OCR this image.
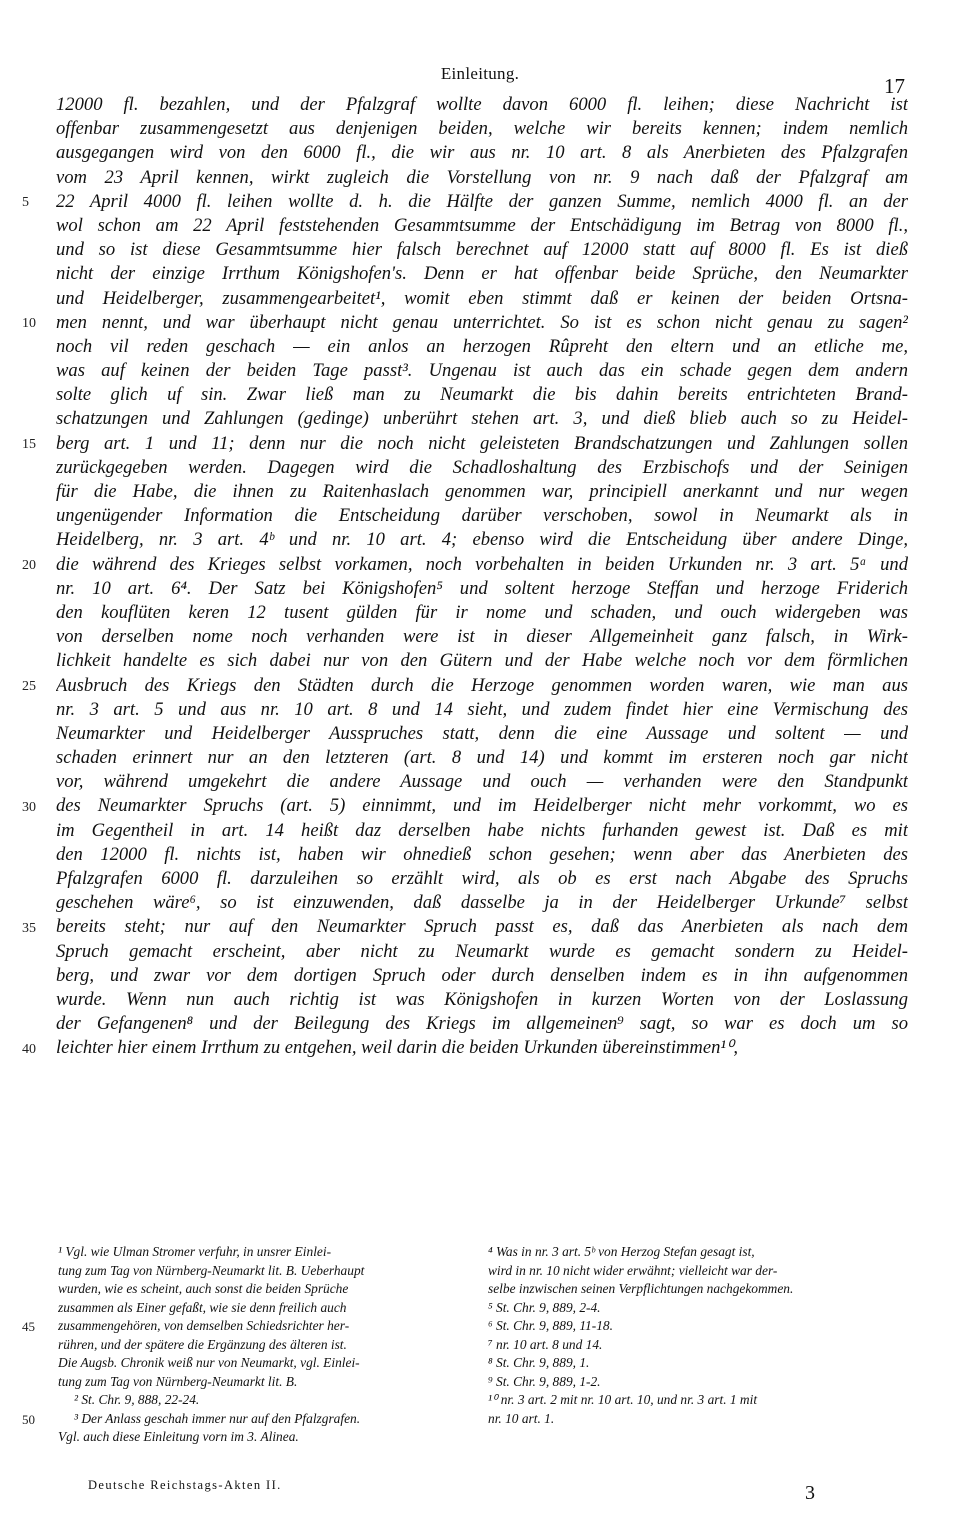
Einleitung.
17
12000 fl. bezahlen, und der Pfalzgraf wollte davon 6000 fl. leihen; diese Nachricht ist
offenbar zusammengesetzt aus denjenigen beiden, welche wir bereits kennen; indem nemlich
ausgegangen wird von den 6000 fl., die wir aus nr. 10 art. 8 als Anerbieten des Pfalzgrafen
vom 23 April kennen, wirkt zugleich die Vorstellung von nr. 9 nach daß der Pfalzgraf am
22 April 4000 fl. leihen wollte d. h. die Hälfte der ganzen Summe, nemlich 4000 fl. an der
wol schon am 22 April feststehenden Gesammtsumme der Entschädigung im Betrag von 8000 fl.,
und so ist diese Gesammtsumme hier falsch berechnet auf 12000 statt auf 8000 fl. Es ist dieß
nicht der einzige Irrthum Königshofen's. Denn er hat offenbar beide Sprüche, den Neumarkter
und Heidelberger, zusammengearbeitet¹, womit eben stimmt daß er keinen der beiden Ortsna-
men nennt, und war überhaupt nicht genau unterrichtet. So ist es schon nicht genau zu sagen²
noch vil reden geschach — ein anlos an herzogen Rûpreht den eltern und an etliche me,
was auf keinen der beiden Tage passt³. Ungenau ist auch das ein schade gegen dem andern
solte glich uf sin. Zwar ließ man zu Neumarkt die bis dahin bereits entrichteten Brand-
schatzungen und Zahlungen (gedinge) unberührt stehen art. 3, und dieß blieb auch so zu Heidel-
berg art. 1 und 11; denn nur die noch nicht geleisteten Brandschatzungen und Zahlungen sollen
zurückgegeben werden. Dagegen wird die Schadloshaltung des Erzbischofs und der Seinigen
für die Habe, die ihnen zu Raitenhaslach genommen war, principiell anerkannt und nur wegen
ungenügender Information die Entscheidung darüber verschoben, sowol in Neumarkt als in
Heidelberg, nr. 3 art. 4ᵇ und nr. 10 art. 4; ebenso wird die Entscheidung über andere Dinge,
die während des Krieges selbst vorkamen, noch vorbehalten in beiden Urkunden nr. 3 art. 5ᵃ und
nr. 10 art. 6⁴. Der Satz bei Königshofen⁵ und soltent herzoge Steffan und herzoge Friderich
den kouflüten keren 12 tusent gülden für ir nome und schaden, und ouch widergeben was
von derselben nome noch verhanden were ist in dieser Allgemeinheit ganz falsch, in Wirk-
lichkeit handelte es sich dabei nur von den Gütern und der Habe welche noch vor dem förmlichen
Ausbruch des Kriegs den Städten durch die Herzoge genommen worden waren, wie man aus
nr. 3 art. 5 und aus nr. 10 art. 8 und 14 sieht, und zudem findet hier eine Vermischung des
Neumarkter und Heidelberger Ausspruches statt, denn die eine Aussage und soltent — und
schaden erinnert nur an den letzteren (art. 8 und 14) und kommt im ersteren noch gar nicht
vor, während umgekehrt die andere Aussage und ouch — verhanden were den Standpunkt
des Neumarkter Spruchs (art. 5) einnimmt, und im Heidelberger nicht mehr vorkommt, wo es
im Gegentheil in art. 14 heißt daz derselben habe nichts furhanden gewest ist. Daß es mit
den 12000 fl. nichts ist, haben wir ohnedieß schon gesehen; wenn aber das Anerbieten des
Pfalzgrafen 6000 fl. darzuleihen so erzählt wird, als ob es erst nach Abgabe des Spruchs
geschehen wäre⁶, so ist einzuwenden, daß dasselbe ja in der Heidelberger Urkunde⁷ selbst
bereits steht; nur auf den Neumarkter Spruch passt es, daß das Anerbieten als nach dem
Spruch gemacht erscheint, aber nicht zu Neumarkt wurde es gemacht sondern zu Heidel-
berg, und zwar vor dem dortigen Spruch oder durch denselben indem es in ihn aufgenommen
wurde. Wenn nun auch richtig ist was Königshofen in kurzen Worten von der Loslassung
der Gefangenen⁸ und der Beilegung des Kriegs im allgemeinen⁹ sagt, so war es doch um so
leichter hier einem Irrthum zu entgehen, weil darin die beiden Urkunden übereinstimmen¹⁰,
5
10
15
20
25
30
35
40
¹ Vgl. wie Ulman Stromer verfuhr, in unsrer Einlei-
tung zum Tag von Nürnberg-Neumarkt lit. B. Ueberhaupt
wurden, wie es scheint, auch sonst die beiden Sprüche
zusammen als Einer gefaßt, wie sie denn freilich auch
zusammengehören, von demselben Schiedsrichter her-
rühren, und der spätere die Ergänzung des älteren ist.
Die Augsb. Chronik weiß nur von Neumarkt, vgl. Einlei-
tung zum Tag von Nürnberg-Neumarkt lit. B.
² St. Chr. 9, 888, 22-24.
³ Der Anlass geschah immer nur auf den Pfalzgrafen.
Vgl. auch diese Einleitung vorn im 3. Alinea.
⁴ Was in nr. 3 art. 5ᵇ von Herzog Stefan gesagt ist,
wird in nr. 10 nicht wider erwähnt; vielleicht war der-
selbe inzwischen seinen Verpflichtungen nachgekommen.
⁵ St. Chr. 9, 889, 2-4.
⁶ St. Chr. 9, 889, 11-18.
⁷ nr. 10 art. 8 und 14.
⁸ St. Chr. 9, 889, 1.
⁹ St. Chr. 9, 889, 1-2.
¹⁰ nr. 3 art. 2 mit nr. 10 art. 10, und nr. 3 art. 1 mit
nr. 10 art. 1.
45
50
Deutsche Reichstags-Akten II.	3
